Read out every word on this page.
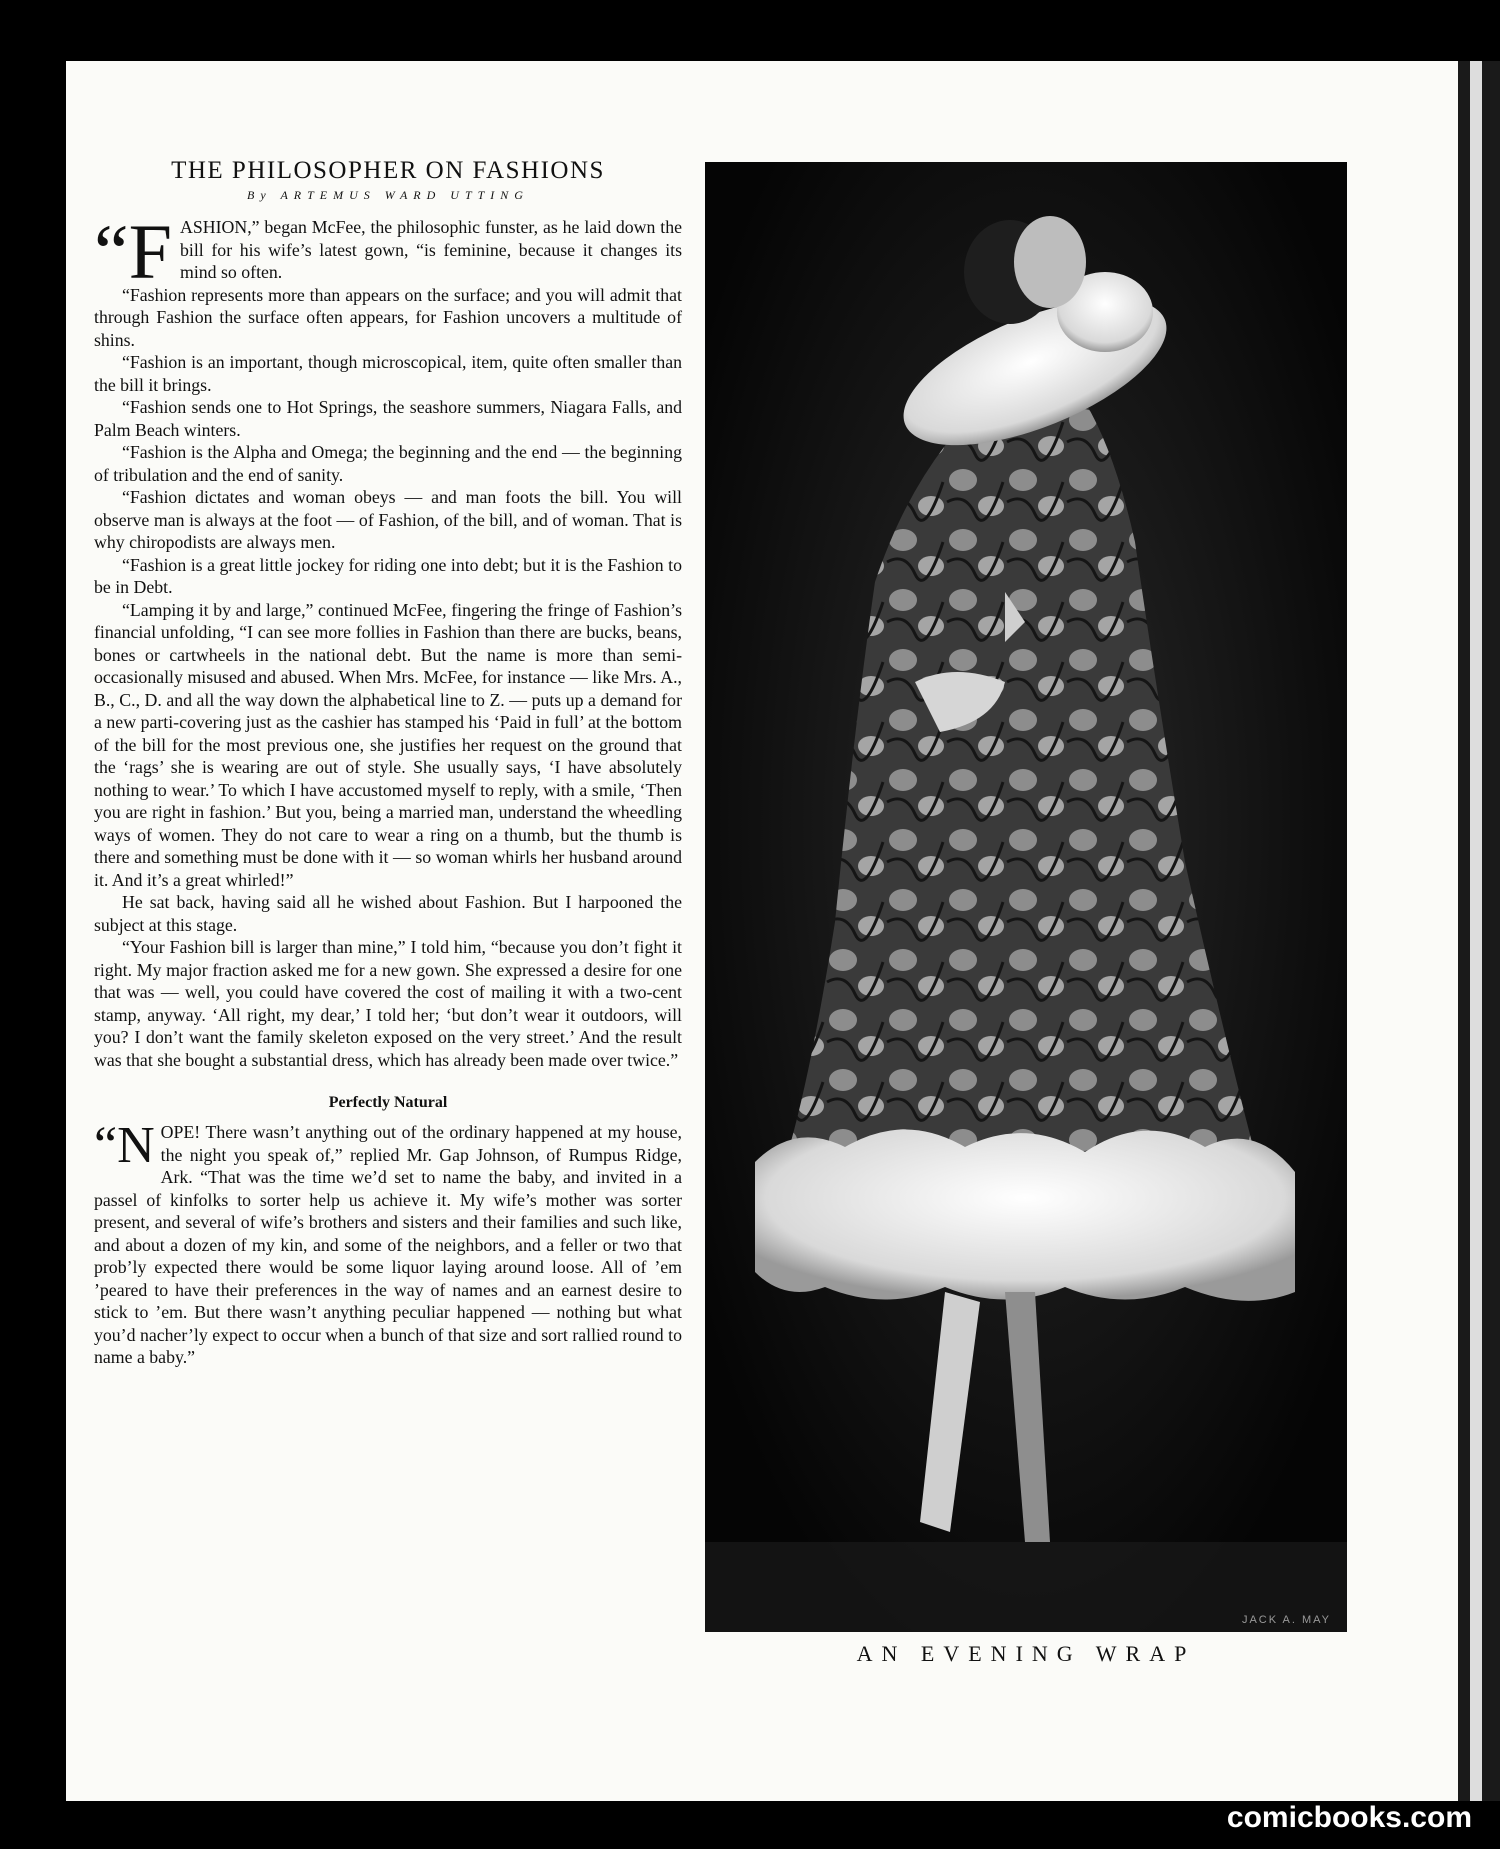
THE PHILOSOPHER ON FASHIONS
By ARTEMUS WARD UTTING

“F ASHION,” began McFee, the philosophic funster, as he laid down the bill for his wife’s latest gown, “is feminine, because it changes its mind so often.

“Fashion represents more than appears on the surface; and you will admit that through Fashion the surface often appears, for Fashion uncovers a multitude of shins.

“Fashion is an important, though microscopical, item, quite often smaller than the bill it brings.

“Fashion sends one to Hot Springs, the seashore summers, Niagara Falls, and Palm Beach winters.

“Fashion is the Alpha and Omega; the beginning and the end — the beginning of tribulation and the end of sanity.

“Fashion dictates and woman obeys — and man foots the bill. You will observe man is always at the foot — of Fashion, of the bill, and of woman. That is why chiropodists are always men.

“Fashion is a great little jockey for riding one into debt; but it is the Fashion to be in Debt.

“Lamping it by and large,” continued McFee, fingering the fringe of Fashion’s financial unfolding, “I can see more follies in Fashion than there are bucks, beans, bones or cartwheels in the national debt. But the name is more than semi-occasionally misused and abused. When Mrs. McFee, for instance — like Mrs. A., B., C., D. and all the way down the alphabetical line to Z. — puts up a demand for a new parti-covering just as the cashier has stamped his ‘Paid in full’ at the bottom of the bill for the most previous one, she justifies her request on the ground that the ‘rags’ she is wearing are out of style. She usually says, ‘I have absolutely nothing to wear.’ To which I have accustomed myself to reply, with a smile, ‘Then you are right in fashion.’ But you, being a married man, understand the wheedling ways of women. They do not care to wear a ring on a thumb, but the thumb is there and something must be done with it — so woman whirls her husband around it. And it’s a great whirled!”

He sat back, having said all he wished about Fashion. But I harpooned the subject at this stage.

“Your Fashion bill is larger than mine,” I told him, “because you don’t fight it right. My major fraction asked me for a new gown. She expressed a desire for one that was — well, you could have covered the cost of mailing it with a two-cent stamp, anyway. ‘All right, my dear,’ I told her; ‘but don’t wear it outdoors, will you? I don’t want the family skeleton exposed on the very street.’ And the result was that she bought a substantial dress, which has already been made over twice.”

Perfectly Natural

“N OPE! There wasn’t anything out of the ordinary happened at my house, the night you speak of,” replied Mr. Gap Johnson, of Rumpus Ridge, Ark. “That was the time we’d set to name the baby, and invited in a passel of kinfolks to sorter help us achieve it. My wife’s mother was sorter present, and several of wife’s brothers and sisters and their families and such like, and about a dozen of my kin, and some of the neighbors, and a feller or two that prob’ly expected there would be some liquor laying around loose. All of ’em ’peared to have their preferences in the way of names and an earnest desire to stick to ’em. But there wasn’t anything peculiar happened — nothing but what you’d nacher’ly expect to occur when a bunch of that size and sort rallied round to name a baby.”

JACK A. MAY
AN EVENING WRAP
comicbooks.com
